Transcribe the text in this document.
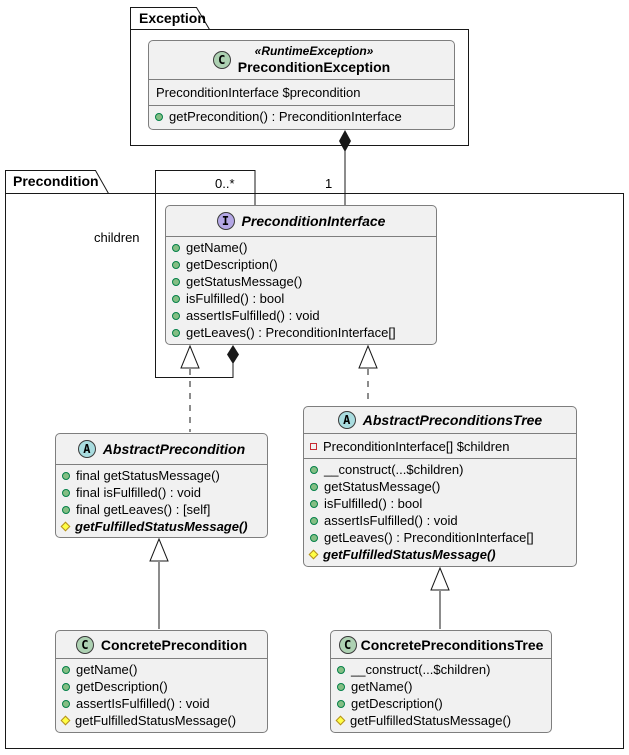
Exception
Precondition	0..*	1
children
C
«RuntimeException»
PreconditionException
PreconditionInterface $precondition
getPrecondition() : PreconditionInterface
I PreconditionInterface
getName()
getDescription()
getStatusMessage()
isFulfilled() : bool
assertIsFulfilled() : void
getLeaves() : PreconditionInterface[]
A AbstractPrecondition
final getStatusMessage()
final isFulfilled() : void
final getLeaves() : [self]
getFulfilledStatusMessage()
A AbstractPreconditionsTree
PreconditionInterface[] $children
__construct(...$children)
getStatusMessage()
isFulfilled() : bool
assertIsFulfilled() : void
getLeaves() : PreconditionInterface[]
getFulfilledStatusMessage()
C ConcretePrecondition
getName()
getDescription()
assertIsFulfilled() : void
getFulfilledStatusMessage()
C ConcretePreconditionsTree
__construct(...$children)
getName()
getDescription()
getFulfilledStatusMessage()
